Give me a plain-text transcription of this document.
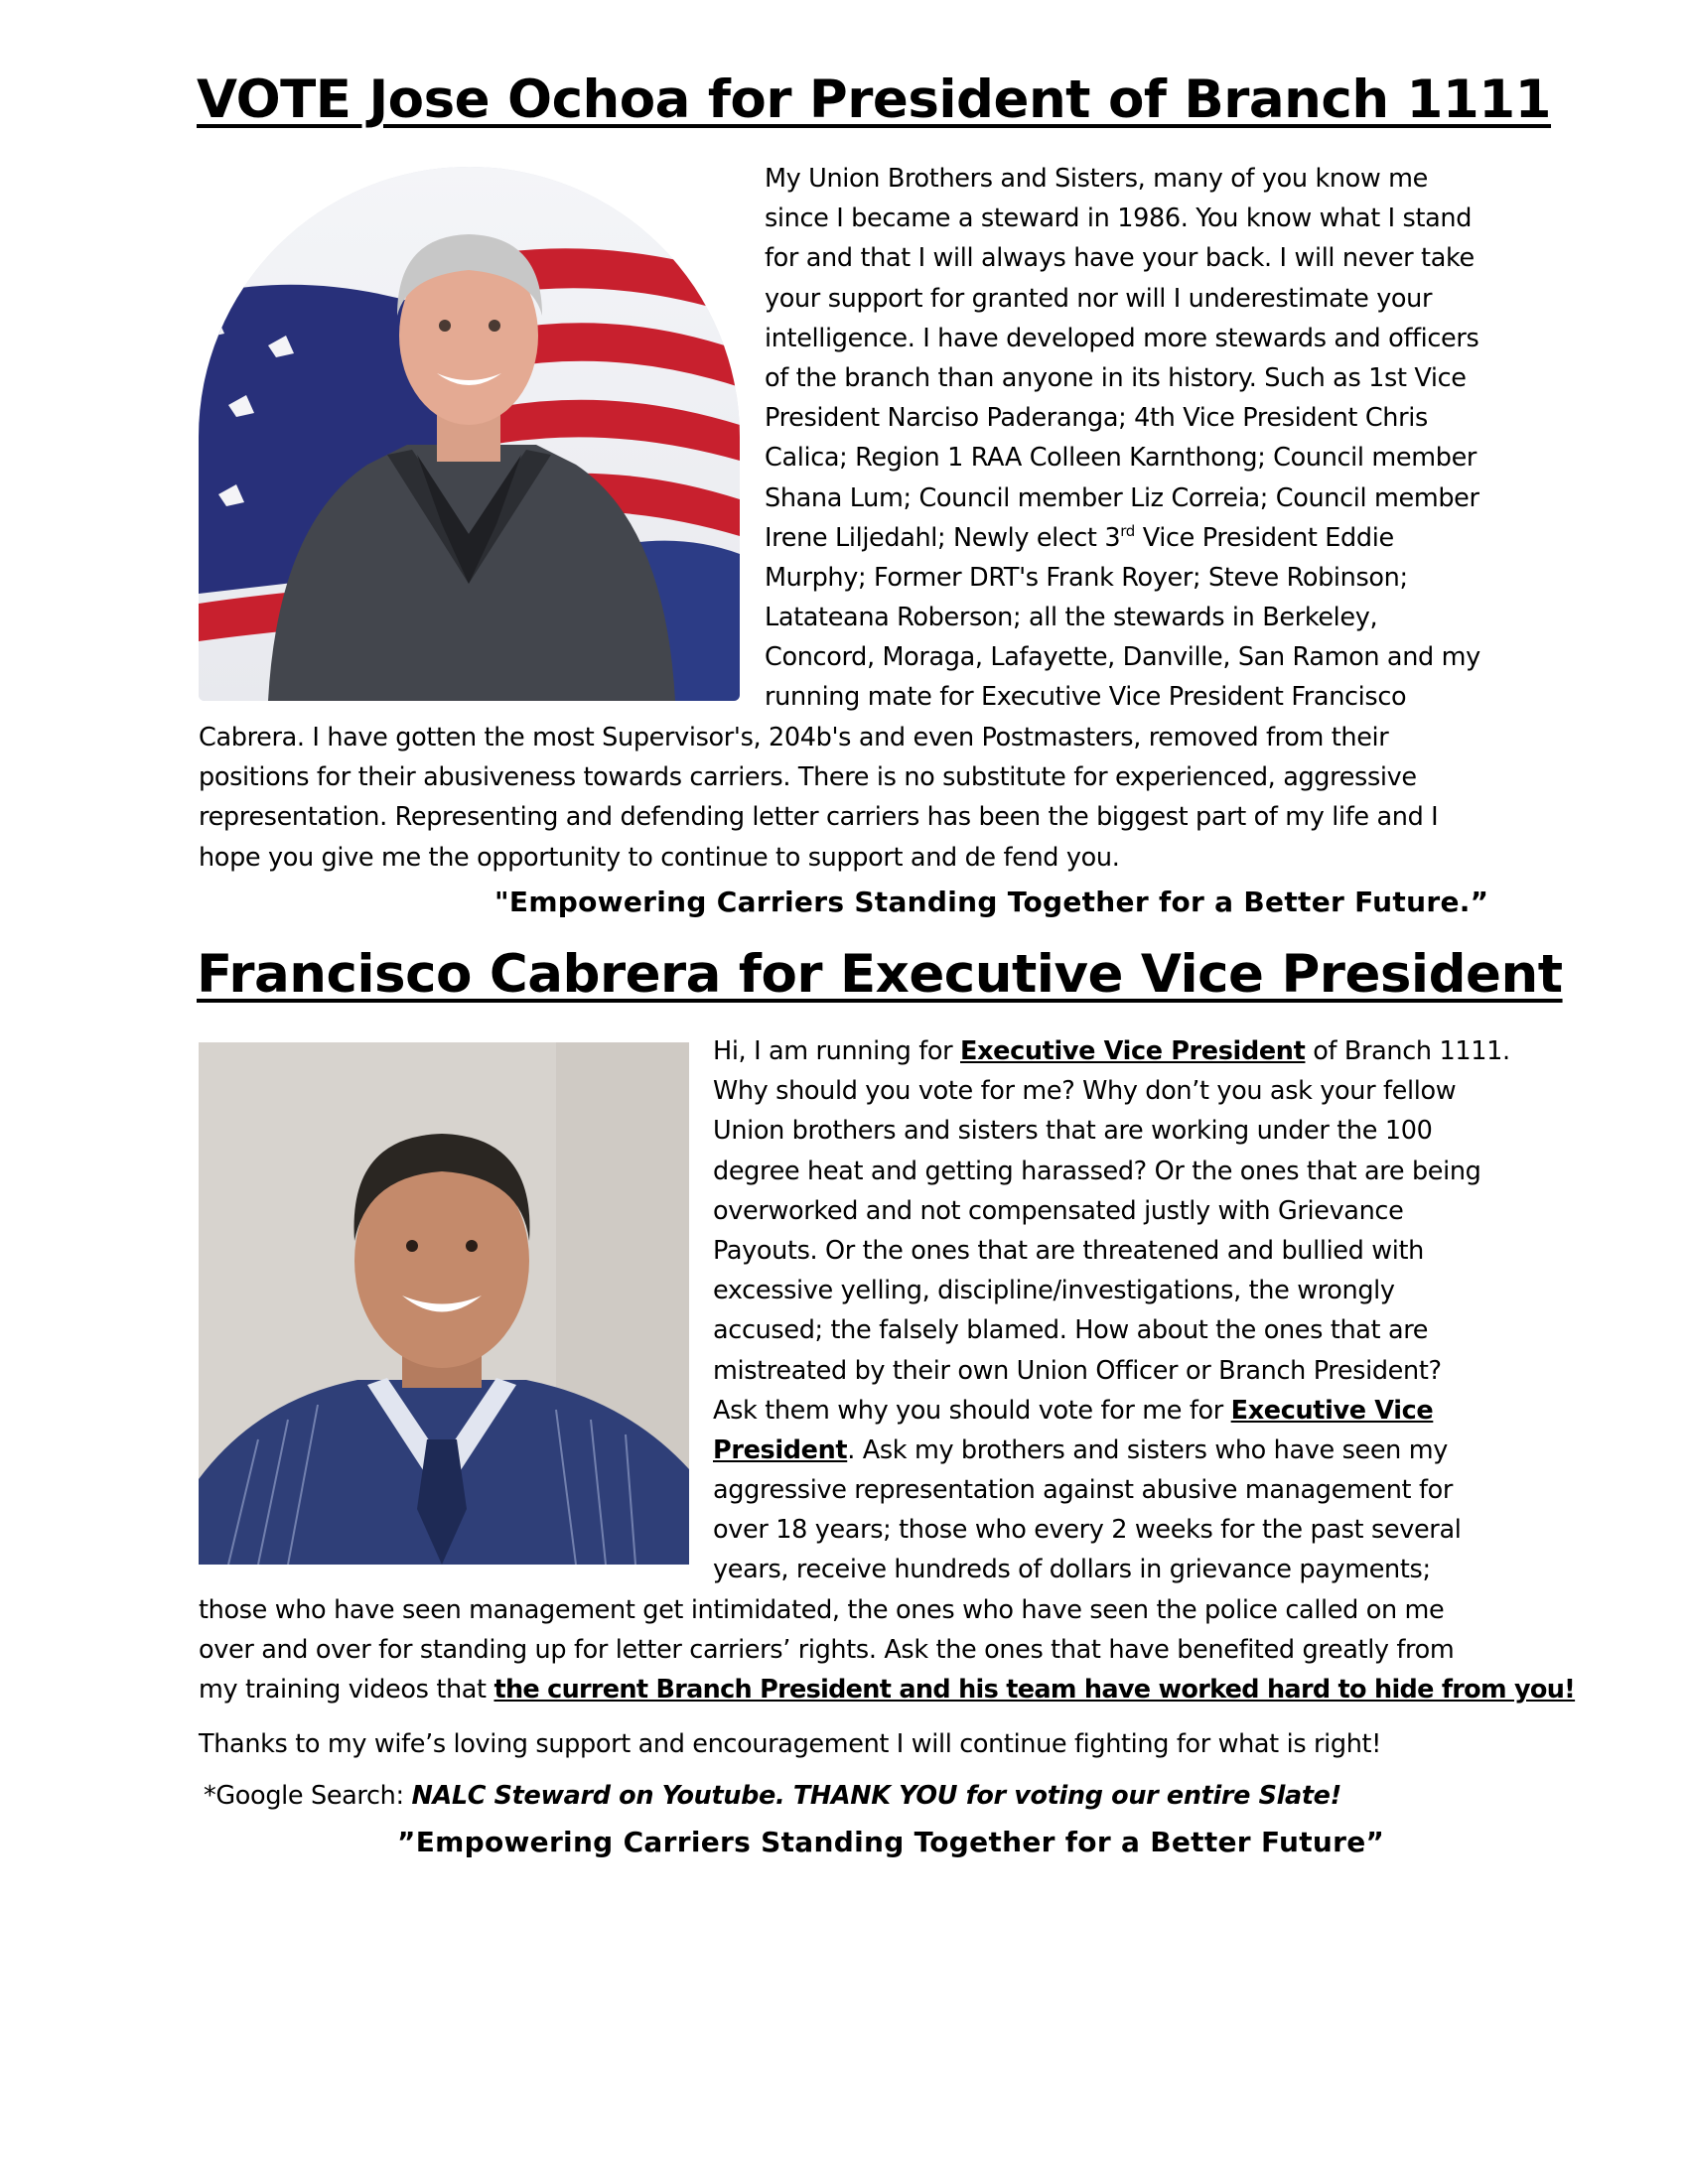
VOTE Jose Ochoa for President of Branch 1111
My Union Brothers and Sisters, many of you know me
since I became a steward in 1986. You know what I stand
for and that I will always have your back. I will never take
your support for granted nor will I underestimate your
intelligence. I have developed more stewards and officers
of the branch than anyone in its history. Such as 1st Vice
President Narciso Paderanga; 4th Vice President Chris
Calica; Region 1 RAA Colleen Karnthong; Council member
Shana Lum; Council member Liz Correia; Council member
Irene Liljedahl; Newly elect 3rd Vice President Eddie
Murphy; Former DRT's Frank Royer; Steve Robinson;
Latateana Roberson; all the stewards in Berkeley,
Concord, Moraga, Lafayette, Danville, San Ramon and my
running mate for Executive Vice President Francisco
Cabrera. I have gotten the most Supervisor's, 204b's and even Postmasters, removed from their
positions for their abusiveness towards carriers. There is no substitute for experienced, aggressive
representation. Representing and defending letter carriers has been the biggest part of my life and I
hope you give me the opportunity to continue to support and de fend you.

"Empowering Carriers Standing Together for a Better Future.”

Francisco Cabrera for Executive Vice President
Hi, I am running for Executive Vice President of Branch 1111.
Why should you vote for me? Why don’t you ask your fellow
Union brothers and sisters that are working under the 100
degree heat and getting harassed? Or the ones that are being
overworked and not compensated justly with Grievance
Payouts. Or the ones that are threatened and bullied with
excessive yelling, discipline/investigations, the wrongly
accused; the falsely blamed. How about the ones that are
mistreated by their own Union Officer or Branch President?
Ask them why you should vote for me for Executive Vice
President. Ask my brothers and sisters who have seen my
aggressive representation against abusive management for
over 18 years; those who every 2 weeks for the past several
years, receive hundreds of dollars in grievance payments;
those who have seen management get intimidated, the ones who have seen the police called on me
over and over for standing up for letter carriers’ rights. Ask the ones that have benefited greatly from
my training videos that the current Branch President and his team have worked hard to hide from you!
Thanks to my wife’s loving support and encouragement I will continue fighting for what is right!
*Google Search: NALC Steward on Youtube. THANK YOU for voting our entire Slate!

”Empowering Carriers Standing Together for a Better Future”
